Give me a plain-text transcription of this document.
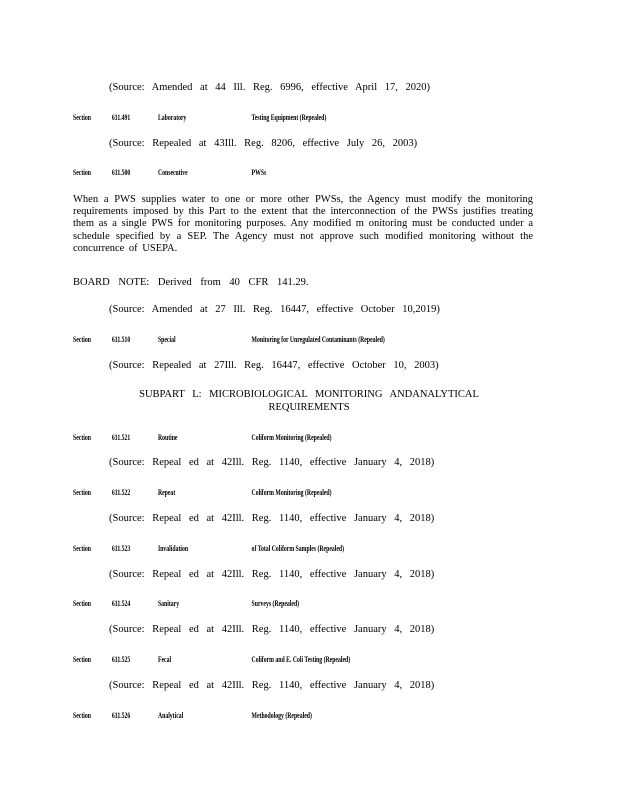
(Source: Amended at 44 Ill. Reg. 6996, effective April 17, 2020)
Section	611.491	Laboratory	Testing Equipment (Repealed)
(Source: Repealed at 43Ill. Reg. 8206, effective July 26, 2003)
Section	611.500	Consecutive	PWSs
When a PWS supplies water to one or more other PWSs, the Agency must modify the monitoring requirements imposed by this Part to the extent that the interconnection of the PWSs justifies treating them as a single PWS for monitoring purposes. Any modified m onitoring must be conducted under a schedule specified by a SEP. The Agency must not approve such modified monitoring without the concurrence of USEPA.
BOARD NOTE: Derived from 40 CFR 141.29.
(Source: Amended at 27 Ill. Reg. 16447, effective October 10,2019)
Section	611.510	Special	Monitoring for Unregulated Contaminants (Repealed)
(Source: Repealed at 27Ill. Reg. 16447, effective October 10, 2003)
SUBPART L: MICROBIOLOGICAL MONITORING ANDANALYTICAL
REQUIREMENTS
Section	611.521	Routine	Coliform Monitoring (Repealed)
(Source: Repeal ed at 42Ill. Reg. 1140, effective January 4, 2018)
Section	611.522	Repeat	Coliform Monitoring (Repealed)
(Source: Repeal ed at 42Ill. Reg. 1140, effective January 4, 2018)
Section	611.523	Invalidation	of Total Coliform Samples (Repealed)
(Source: Repeal ed at 42Ill. Reg. 1140, effective January 4, 2018)
Section	611.524	Sanitary	Surveys (Repealed)
(Source: Repeal ed at 42Ill. Reg. 1140, effective January 4, 2018)
Section	611.525	Fecal	Coliform and E. Coli Testing (Repealed)
(Source: Repeal ed at 42Ill. Reg. 1140, effective January 4, 2018)
Section	611.526	Analytical	Methodology (Repealed)
